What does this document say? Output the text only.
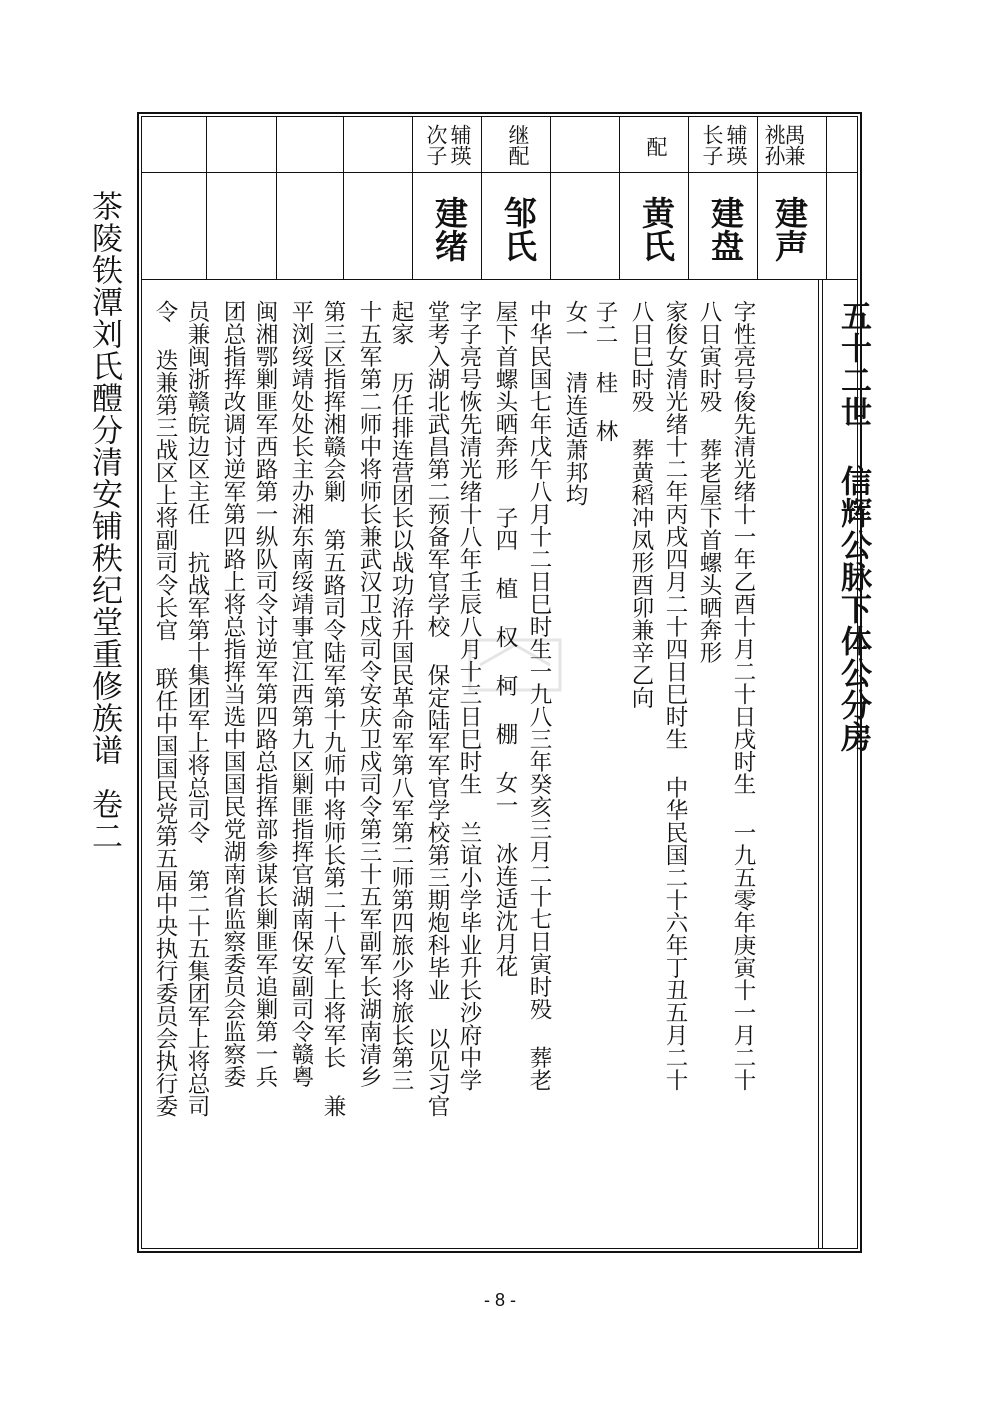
茶陵铁潭刘氏醴分清安铺秩纪堂重修族谱卷二
禺兼
祧孙
建声
辅瑛
长子
建盘
配
黄氏
继配
邹氏
辅瑛
次子
建绪
五十二世 信辉公脉下体公分房
字性亮号俊先清光绪十一年乙酉十月二十日戌时生 一九五零年庚寅十一月二十
八日寅时殁 葬老屋下首螺头晒奔形
家俊女清光绪十二年丙戌四月二十四日巳时生 中华民国二十六年丁丑五月二十
八日巳时殁 葬黄稻冲凤形酉卯兼辛乙向
子二 桂 林
女一 清连适萧邦均
中华民国七年戊午八月十二日巳时生一九八三年癸亥三月二十七日寅时殁 葬老
屋下首螺头晒奔形 子四 植 权 柯 棚 女一 冰连适沈月花
字子亮号恢先清光绪十八年壬辰八月十三日巳时生 兰谊小学毕业升长沙府中学
堂考入湖北武昌第二预备军官学校 保定陆军军官学校第三期炮科毕业 以见习官
起家 历任排连营团长以战功洊升国民革命军第八军第二师第四旅少将旅长第三
十五军第二师中将师长兼武汉卫戍司令安庆卫戍司令第三十五军副军长湖南清乡
第三区指挥湘赣会剿 第五路司令陆军第十九师中将师长第二十八军上将军长 兼
平浏绥靖处处长主办湘东南绥靖事宜江西第九区剿匪指挥官湖南保安副司令赣粤
闽湘鄂剿匪军西路第一纵队司令讨逆军第四路总指挥部参谋长剿匪军追剿第一兵
团总指挥改调讨逆军第四路上将总指挥当选中国国民党湖南省监察委员会监察委
员兼闽浙赣皖边区主任 抗战军第十集团军上将总司令 第二十五集团军上将总司
令 迭兼第三战区上将副司令长官 联任中国国民党第五届中央执行委员会执行委
- 8 -
